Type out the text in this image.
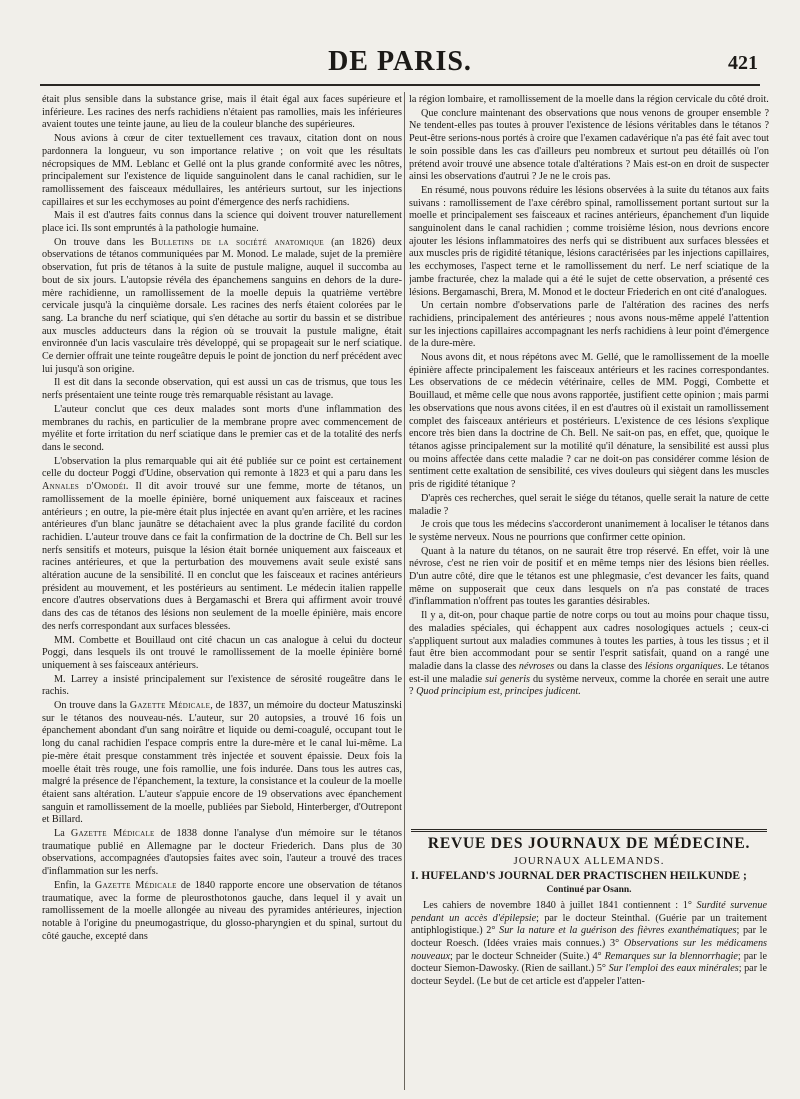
DE PARIS.	421

était plus sensible dans la substance grise, mais il était égal aux faces supérieure et inférieure. Les racines des nerfs rachidiens n'étaient pas ramollies, mais les inférieures avaient toutes une teinte jaune, au lieu de la couleur blanche des supérieures.

Nous avions à cœur de citer textuellement ces travaux, citation dont on nous pardonnera la longueur, vu son importance relative ; on voit que les résultats nécropsiques de MM. Leblanc et Gellé ont la plus grande conformité avec les nôtres, principalement sur l'existence de liquide sanguinolent dans le canal rachidien, sur le ramollissement des faisceaux médullaires, les antérieurs surtout, sur les injections capillaires et sur les ecchymoses au point d'émergence des nerfs rachidiens.

Mais il est d'autres faits connus dans la science qui doivent trouver naturellement place ici. Ils sont empruntés à la pathologie humaine.

On trouve dans les Bulletins de la société anatomique (an 1826) deux observations de tétanos communiquées par M. Monod. Le malade, sujet de la première observation, fut pris de tétanos à la suite de pustule maligne, auquel il succomba au bout de six jours. L'autopsie révéla des épanchemens sanguins en dehors de la dure-mère rachidienne, un ramollissement de la moelle depuis la quatrième vertèbre cervicale jusqu'à la cinquième dorsale. Les racines des nerfs étaient colorées par le sang. La branche du nerf sciatique, qui s'en détache au sortir du bassin et se distribue aux muscles adducteurs dans la région où se trouvait la pustule maligne, était environnée d'un lacis vasculaire très développé, qui se propageait sur le nerf sciatique. Ce dernier offrait une teinte rougeâtre depuis le point de jonction du nerf précédent avec lui jusqu'à son origine.

Il est dit dans la seconde observation, qui est aussi un cas de trismus, que tous les nerfs présentaient une teinte rouge très remarquable résistant au lavage.

L'auteur conclut que ces deux malades sont morts d'une inflammation des membranes du rachis, en particulier de la membrane propre avec commencement de myélite et forte irritation du nerf sciatique dans le premier cas et de la totalité des nerfs dans le second.

L'observation la plus remarquable qui ait été publiée sur ce point est certainement celle du docteur Poggi d'Udine, observation qui remonte à 1823 et qui a paru dans les Annales d'Omodéi. Il dit avoir trouvé sur une femme, morte de tétanos, un ramollissement de la moelle épinière, borné uniquement aux faisceaux et racines antérieurs ; en outre, la pie-mère était plus injectée en avant qu'en arrière, et les racines antérieures d'un blanc jaunâtre se détachaient avec la plus grande facilité du cordon rachidien. L'auteur trouve dans ce fait la confirmation de la doctrine de Ch. Bell sur les nerfs sensitifs et moteurs, puisque la lésion était bornée uniquement aux faisceaux et racines antérieures, et que la perturbation des mouvemens avait seule existé sans altération aucune de la sensibilité. Il en conclut que les faisceaux et racines antérieurs président au mouvement, et les postérieurs au sentiment. Le médecin italien rappelle encore d'autres observations dues à Bergamaschi et Brera qui affirment avoir trouvé dans des cas de tétanos des lésions non seulement de la moelle épinière, mais encore des nerfs correspondant aux surfaces blessées.

MM. Combette et Bouillaud ont cité chacun un cas analogue à celui du docteur Poggi, dans lesquels ils ont trouvé le ramollissement de la moelle épinière borné uniquement à ses faisceaux antérieurs.

M. Larrey a insisté principalement sur l'existence de sérosité rougeâtre dans le rachis.

On trouve dans la Gazette Médicale, de 1837, un mémoire du docteur Matuszinski sur le tétanos des nouveau-nés. L'auteur, sur 20 autopsies, a trouvé 16 fois un épanchement abondant d'un sang noirâtre et liquide ou demi-coagulé, occupant tout le long du canal rachidien l'espace compris entre la dure-mère et le canal lui-même. La pie-mère était presque constamment très injectée et souvent épaissie. Deux fois la moelle était très rouge, une fois ramollie, une fois indurée. Dans tous les autres cas, malgré la présence de l'épanchement, la texture, la consistance et la couleur de la moelle étaient sans altération. L'auteur s'appuie encore de 19 observations avec épanchement sanguin et ramollissement de la moelle, publiées par Siebold, Hinterberger, d'Outrepont et Billard.

La Gazette Médicale de 1838 donne l'analyse d'un mémoire sur le tétanos traumatique publié en Allemagne par le docteur Friederich. Dans plus de 30 observations, accompagnées d'autopsies faites avec soin, l'auteur a trouvé des traces d'inflammation sur les nerfs.

Enfin, la Gazette Médicale de 1840 rapporte encore une observation de tétanos traumatique, avec la forme de pleurosthotonos gauche, dans lequel il y avait un ramollissement de la moelle allongée au niveau des pyramides antérieures, injection notable à l'origine du pneumogastrique, du glosso-pharyngien et du spinal, surtout du côté gauche, excepté dans

la région lombaire, et ramollissement de la moelle dans la région cervicale du côté droit.

Que conclure maintenant des observations que nous venons de grouper ensemble ? Ne tendent-elles pas toutes à prouver l'existence de lésions véritables dans le tétanos ? Peut-être serions-nous portés à croire que l'examen cadavérique n'a pas été fait avec tout le soin possible dans les cas d'ailleurs peu nombreux et surtout peu détaillés où l'on prétend avoir trouvé une absence totale d'altérations ? Mais est-on en droit de suspecter ainsi les observations d'autrui ? Je ne le crois pas.

En résumé, nous pouvons réduire les lésions observées à la suite du tétanos aux faits suivans : ramollissement de l'axe cérébro spinal, ramollissement portant surtout sur la moelle et principalement ses faisceaux et racines antérieurs, épanchement d'un liquide sanguinolent dans le canal rachidien ; comme troisième lésion, nous devrions encore ajouter les lésions inflammatoires des nerfs qui se distribuent aux surfaces blessées et aux muscles pris de rigidité tétanique, lésions caractérisées par les injections capillaires, les ecchymoses, l'aspect terne et le ramollissement du nerf. Le nerf sciatique de la jambe fracturée, chez la malade qui a été le sujet de cette observation, a présenté ces lésions. Bergamaschi, Brera, M. Monod et le docteur Friederich en ont cité d'analogues.

Un certain nombre d'observations parle de l'altération des racines des nerfs rachidiens, principalement des antérieures ; nous avons nous-même appelé l'attention sur les injections capillaires accompagnant les nerfs rachidiens à leur point d'émergence de la dure-mère.

Nous avons dit, et nous répétons avec M. Gellé, que le ramollissement de la moelle épinière affecte principalement les faisceaux antérieurs et les racines correspondantes. Les observations de ce médecin vétérinaire, celles de MM. Poggi, Combette et Bouillaud, et même celle que nous avons rapportée, justifient cette opinion ; mais parmi les observations que nous avons citées, il en est d'autres où il existait un ramollissement complet des faisceaux antérieurs et postérieurs. L'existence de ces lésions s'explique encore très bien dans la doctrine de Ch. Bell. Ne sait-on pas, en effet, que, quoique le tétanos agisse principalement sur la motilité qu'il dénature, la sensibilité est aussi plus ou moins affectée dans cette maladie ? car ne doit-on pas considérer comme lésion de sentiment cette exaltation de sensibilité, ces vives douleurs qui siègent dans les muscles pris de rigidité tétanique ?

D'après ces recherches, quel serait le siége du tétanos, quelle serait la nature de cette maladie ?

Je crois que tous les médecins s'accorderont unanimement à localiser le tétanos dans le système nerveux. Nous ne pourrions que confirmer cette opinion.

Quant à la nature du tétanos, on ne saurait être trop réservé. En effet, voir là une névrose, c'est ne rien voir de positif et en même temps nier des lésions bien réelles. D'un autre côté, dire que le tétanos est une phlegmasie, c'est devancer les faits, quand même on supposerait que ceux dans lesquels on n'a pas constaté de traces d'inflammation n'offrent pas toutes les garanties désirables.

Il y a, dit-on, pour chaque partie de notre corps ou tout au moins pour chaque tissu, des maladies spéciales, qui échappent aux cadres nosologiques actuels ; ceux-ci s'appliquent surtout aux maladies communes à toutes les parties, à tous les tissus ; et il faut être bien accommodant pour se sentir l'esprit satisfait, quand on a rangé une maladie dans la classe des névroses ou dans la classe des lésions organiques. Le tétanos est-il une maladie sui generis du système nerveux, comme la chorée en serait une autre ? Quod principium est, principes judicent.

REVUE DES JOURNAUX DE MÉDECINE.
JOURNAUX ALLEMANDS.
I. HUFELAND'S JOURNAL DER PRACTISCHEN HEILKUNDE ;
Continué par Osann.

Les cahiers de novembre 1840 à juillet 1841 contiennent : 1° Surdité survenue pendant un accès d'épilepsie; par le docteur Steinthal. (Guérie par un traitement antiphlogistique.) 2° Sur la nature et la guérison des fièvres exanthématiques; par le docteur Roesch. (Idées vraies mais connues.) 3° Observations sur les médicamens nouveaux; par le docteur Schneider (Suite.) 4° Remarques sur la blennorrhagie; par le docteur Siemon-Dawosky. (Rien de saillant.) 5° Sur l'emploi des eaux minérales; par le docteur Seydel. (Le but de cet article est d'appeler l'atten-
